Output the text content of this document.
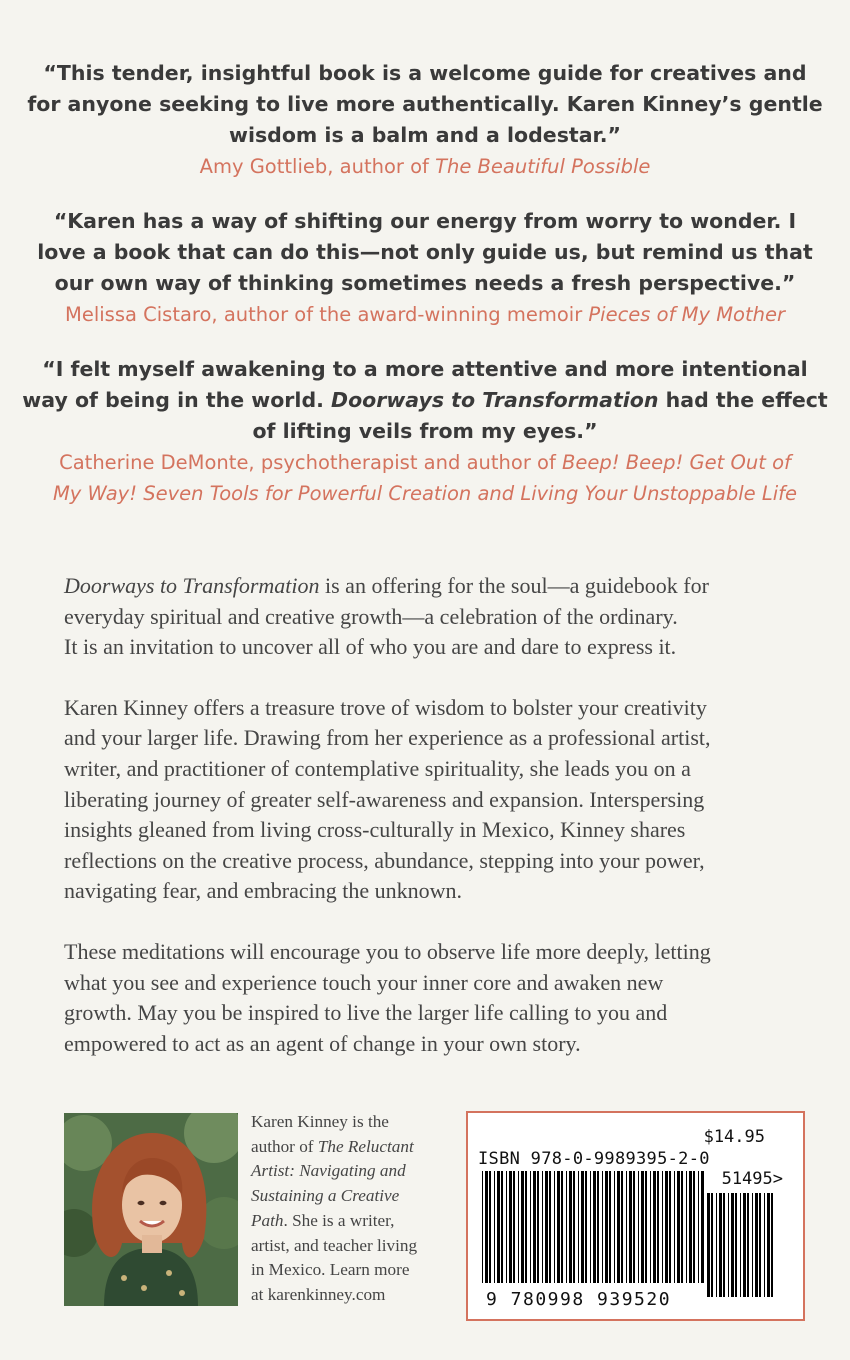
“This tender, insightful book is a welcome guide for creatives and
for anyone seeking to live more authentically. Karen Kinney’s gentle
wisdom is a balm and a lodestar.”
Amy Gottlieb, author of The Beautiful Possible
“Karen has a way of shifting our energy from worry to wonder. I
love a book that can do this—not only guide us, but remind us that
our own way of thinking sometimes needs a fresh perspective.”
Melissa Cistaro, author of the award-winning memoir Pieces of My Mother
“I felt myself awakening to a more attentive and more intentional
way of being in the world. Doorways to Transformation had the effect
of lifting veils from my eyes.”
Catherine DeMonte, psychotherapist and author of Beep! Beep! Get Out of
My Way! Seven Tools for Powerful Creation and Living Your Unstoppable Life

Doorways to Transformation is an offering for the soul—a guidebook for
everyday spiritual and creative growth—a celebration of the ordinary.
It is an invitation to uncover all of who you are and dare to express it.

Karen Kinney offers a treasure trove of wisdom to bolster your creativity
and your larger life. Drawing from her experience as a professional artist,
writer, and practitioner of contemplative spirituality, she leads you on a
liberating journey of greater self-awareness and expansion. Interspersing
insights gleaned from living cross-culturally in Mexico, Kinney shares
reflections on the creative process, abundance, stepping into your power,
navigating fear, and embracing the unknown.

These meditations will encourage you to observe life more deeply, letting
what you see and experience touch your inner core and awaken new
growth. May you be inspired to live the larger life calling to you and
empowered to act as an agent of change in your own story.

Karen Kinney is the
author of The Reluctant
Artist: Navigating and
Sustaining a Creative
Path. She is a writer,
artist, and teacher living
in Mexico. Learn more
at karenkinney.com
$14.95
ISBN 978-0-9989395-2-0
51495>
9 780998 939520
